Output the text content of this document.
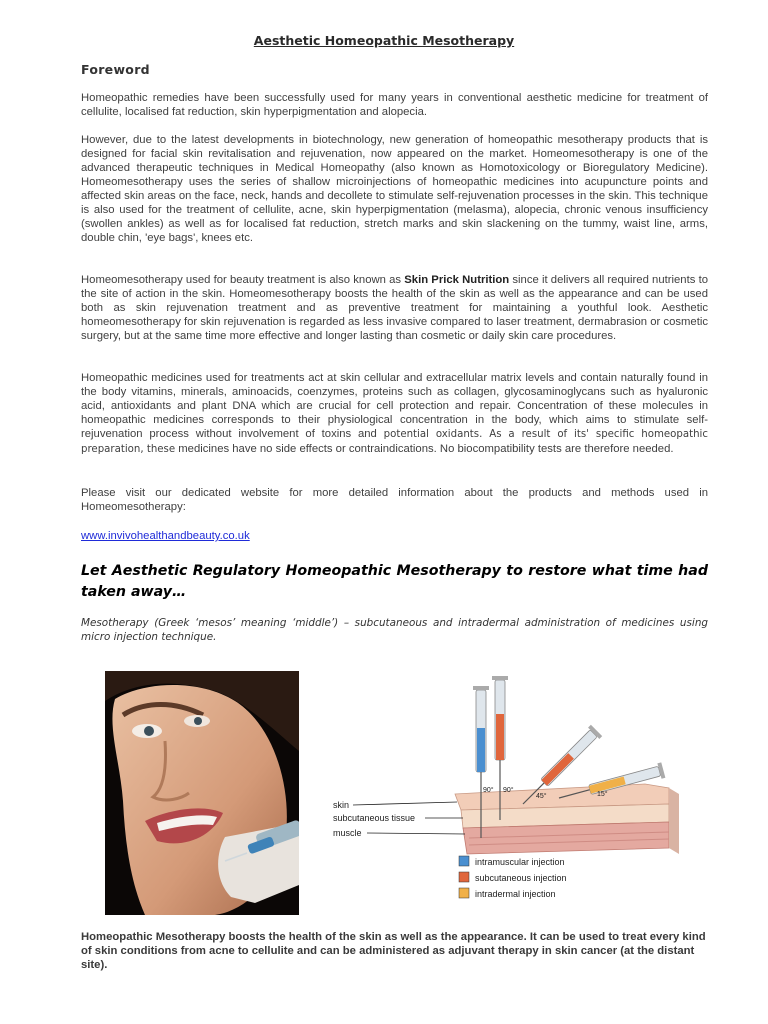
Aesthetic Homeopathic Mesotherapy
Foreword

Homeopathic remedies have been successfully used for many years in conventional aesthetic medicine for treatment of cellulite, localised fat reduction, skin hyperpigmentation and alopecia.

However, due to the latest developments in biotechnology, new generation of homeopathic mesotherapy products that is designed for facial skin revitalisation and rejuvenation, now appeared on the market. Homeomesotherapy is one of the advanced therapeutic techniques in Medical Homeopathy (also known as Homotoxicology or Bioregulatory Medicine). Homeomesotherapy uses the series of shallow microinjections of homeopathic medicines into acupuncture points and affected skin areas on the face, neck, hands and decollete to stimulate self-rejuvenation processes in the skin. This technique is also used for the treatment of cellulite, acne, skin hyperpigmentation (melasma), alopecia, chronic venous insufficiency (swollen ankles) as well as for localised fat reduction, stretch marks and skin slackening on the tummy, waist line, arms, double chin, 'eye bags', knees etc.

Homeomesotherapy used for beauty treatment is also known as Skin Prick Nutrition since it delivers all required nutrients to the site of action in the skin. Homeomesotherapy boosts the health of the skin as well as the appearance and can be used both as skin rejuvenation treatment and as preventive treatment for maintaining a youthful look. Aesthetic homeomesotherapy for skin rejuvenation is regarded as less invasive compared to laser treatment, dermabrasion or cosmetic surgery, but at the same time more effective and longer lasting than cosmetic or daily skin care procedures.

Homeopathic medicines used for treatments act at skin cellular and extracellular matrix levels and contain naturally found in the body vitamins, minerals, aminoacids, coenzymes, proteins such as collagen, glycosaminoglycans such as hyaluronic acid, antioxidants and plant DNA which are crucial for cell protection and repair. Concentration of these molecules in homeopathic medicines corresponds to their physiological concentration in the body, which aims to stimulate self-rejuvenation process without involvement of toxins and potential oxidants. As a result of its' specific homeopathic preparation, these medicines have no side effects or contraindications. No biocompatibility tests are therefore needed.

Please visit our dedicated website for more detailed information about the products and methods used in Homeomesotherapy:

www.invivohealthandbeauty.co.uk

Let Aesthetic Regulatory Homeopathic Mesotherapy to restore what time had taken away…

Mesotherapy (Greek ‘mesos’ meaning ‘middle’) – subcutaneous and intradermal administration of medicines using micro injection technique.

skin
subcutaneous tissue
muscle
90° 90°
45°	15°
intramuscular injection
subcutaneous injection
intradermal injection

Homeopathic Mesotherapy boosts the health of the skin as well as the appearance. It can be used to treat every kind of skin conditions from acne to cellulite and can be administered as adjuvant therapy in skin cancer (at the distant site).
